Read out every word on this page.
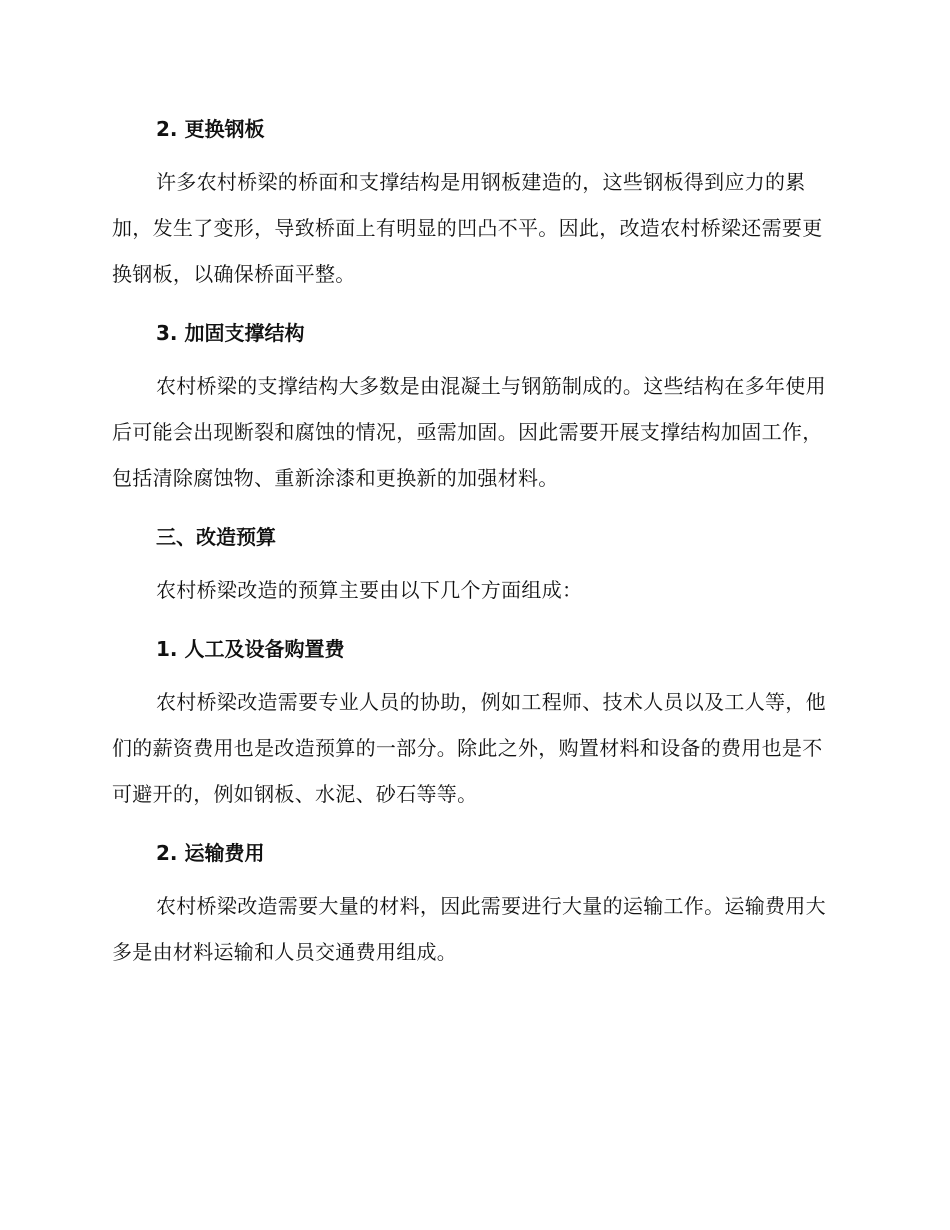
2. 更换钢板

许多农村桥梁的桥面和支撑结构是用钢板建造的，这些钢板得到应力的累加，发生了变形，导致桥面上有明显的凹凸不平。因此，改造农村桥梁还需要更换钢板，以确保桥面平整。

3. 加固支撑结构

农村桥梁的支撑结构大多数是由混凝土与钢筋制成的。这些结构在多年使用后可能会出现断裂和腐蚀的情况，亟需加固。因此需要开展支撑结构加固工作，包括清除腐蚀物、重新涂漆和更换新的加强材料。

三、改造预算

农村桥梁改造的预算主要由以下几个方面组成：

1. 人工及设备购置费

农村桥梁改造需要专业人员的协助，例如工程师、技术人员以及工人等，他们的薪资费用也是改造预算的一部分。除此之外，购置材料和设备的费用也是不可避开的，例如钢板、水泥、砂石等等。

2. 运输费用

农村桥梁改造需要大量的材料，因此需要进行大量的运输工作。运输费用大多是由材料运输和人员交通费用组成。
